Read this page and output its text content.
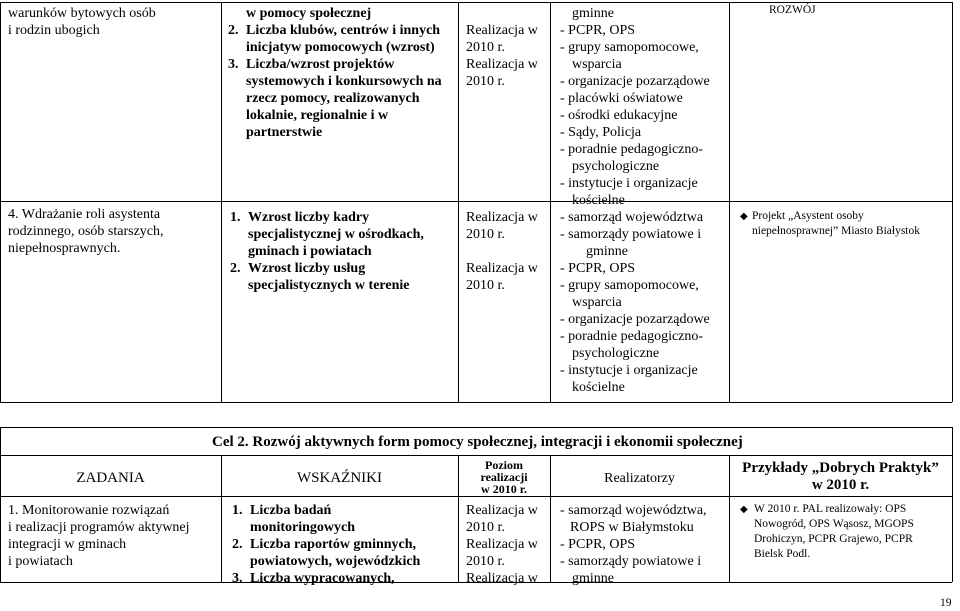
warunków bytowych osób
i rodzin ubogich
w pomocy społecznej
2. Liczba klubów, centrów i innych
inicjatyw pomocowych (wzrost)
3. Liczba/wzrost projektów
systemowych i konkursowych na
rzecz pomocy, realizowanych
lokalnie, regionalnie i w
partnerstwie
Realizacja w
2010 r.
Realizacja w
2010 r.
gminne
- PCPR, OPS
- grupy samopomocowe,
wsparcia
- organizacje pozarządowe
- placówki oświatowe
- ośrodki edukacyjne
- Sądy, Policja
- poradnie pedagogiczno-
psychologiczne
- instytucje i organizacje
kościelne
ROZWÓJ
4. Wdrażanie roli asystenta
rodzinnego, osób starszych,
niepełnosprawnych.
1. Wzrost liczby kadry
specjalistycznej w ośrodkach,
gminach i powiatach
2. Wzrost liczby usług
specjalistycznych w terenie
Realizacja w
2010 r.
Realizacja w
2010 r.
- samorząd województwa
- samorządy powiatowe i
gminne
- PCPR, OPS
- grupy samopomocowe,
wsparcia
- organizacje pozarządowe
- poradnie pedagogiczno-
psychologiczne
- instytucje i organizacje
kościelne
◆ Projekt „Asystent osoby
niepełnosprawnej” Miasto Białystok
Cel 2. Rozwój aktywnych form pomocy społecznej, integracji i ekonomii społecznej
ZADANIA	WSKAŹNIKI
Poziom
realizacji
w 2010 r.
Realizatorzy
Przykłady „Dobrych Praktyk”
w 2010 r.
1. Monitorowanie rozwiązań
i realizacji programów aktywnej
integracji w gminach
i powiatach
1. Liczba badań
monitoringowych
2. Liczba raportów gminnych,
powiatowych, wojewódzkich
3. Liczba wypracowanych,
Realizacja w
2010 r.
Realizacja w
2010 r.
Realizacja w
- samorząd województwa,
ROPS w Białymstoku
- PCPR, OPS
- samorządy powiatowe i
gminne
◆ W 2010 r. PAL realizowały: OPS
Nowogród, OPS Wąsosz, MGOPS
Drohiczyn, PCPR Grajewo, PCPR
Bielsk Podl.
19
